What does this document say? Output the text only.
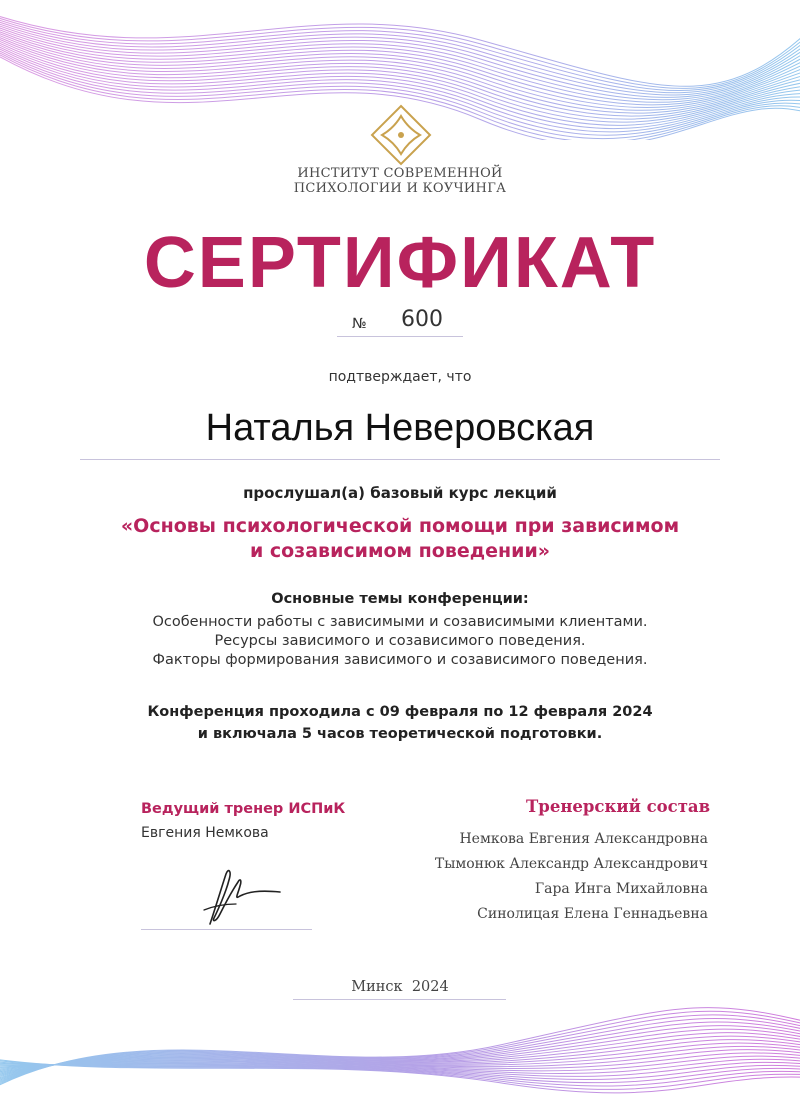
ИНСТИТУТ СОВРЕМЕННОЙ
ПСИХОЛОГИИ И КОУЧИНГА
СЕРТИФИКАТ
№ 600
подтверждает, что
Наталья Неверовская
прослушал(а) базовый курс лекций
«Основы психологической помощи при зависимом
и созависимом поведении»
Основные темы конференции:
Особенности работы с зависимыми и созависимыми клиентами.
Ресурсы зависимого и созависимого поведения.
Факторы формирования зависимого и созависимого поведения.
Конференция проходила с 09 февраля по 12 февраля 2024
и включала 5 часов теоретической подготовки.
Ведущий тренер ИСПиК
Евгения Немкова
Тренерский состав
Немкова Евгения Александровна
Тымонюк Александр Александрович
Гара Инга Михайловна
Синолицая Елена Геннадьевна
Минск  2024
